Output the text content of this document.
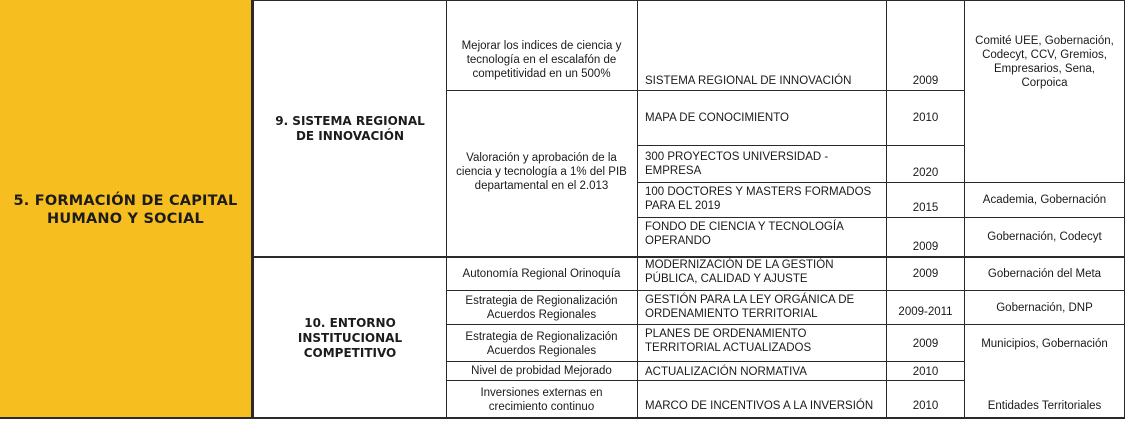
5. FORMACIÓN DE CAPITAL HUMANO Y SOCIAL
9. SISTEMA REGIONAL DE INNOVACIÓN
10. ENTORNO INSTITUCIONAL COMPETITIVO
Mejorar los indices de ciencia y tecnología en el escalafón de competitividad en un 500%
Valoración y aprobación de la ciencia y tecnología a 1% del PIB departamental en el 2.013
Autonomía Regional Orinoquía
Estrategia de Regionalización Acuerdos Regionales
Estrategia de Regionalización Acuerdos Regionales
Nivel de probidad Mejorado
Inversiones externas en crecimiento continuo
SISTEMA REGIONAL DE INNOVACIÓN
MAPA DE CONOCIMIENTO
300 PROYECTOS UNIVERSIDAD - EMPRESA
100 DOCTORES Y MASTERS FORMADOS PARA EL 2019
FONDO DE CIENCIA Y TECNOLOGÍA OPERANDO
MODERNIZACIÓN DE LA GESTIÓN PÚBLICA, CALIDAD Y AJUSTE
GESTIÓN PARA LA LEY ORGÁNICA DE ORDENAMIENTO TERRITORIAL
PLANES DE ORDENAMIENTO TERRITORIAL ACTUALIZADOS
ACTUALIZACIÓN NORMATIVA
MARCO DE INCENTIVOS A LA INVERSIÓN
2009
2010
2020
2015
2009
2009
2009-2011
2009
2010
2010
Comité UEE, Gobernación, Codecyt, CCV, Gremios, Empresarios, Sena, Corpoica
Academia, Gobernación
Gobernación, Codecyt
Gobernación del Meta
Gobernación, DNP
Municipios, Gobernación
Entidades Territoriales
